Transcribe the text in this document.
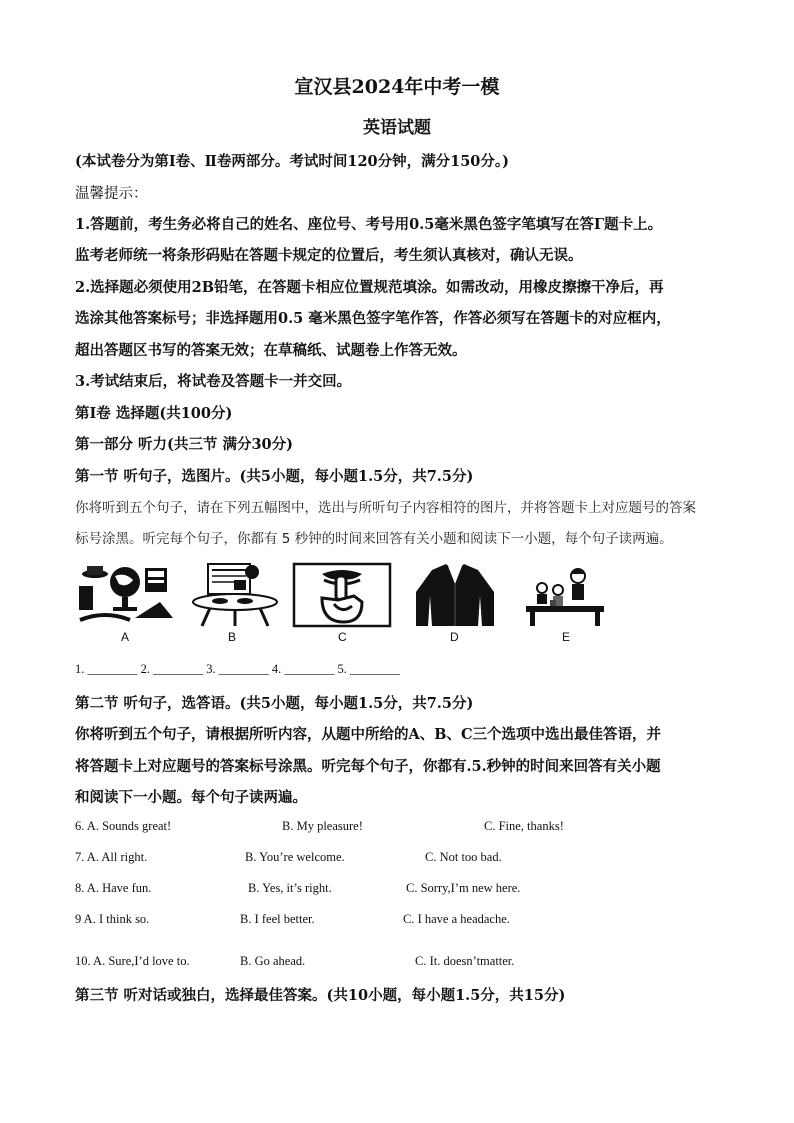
宣汉县2024年中考一模
英语试题
(本试卷分为第Ⅰ卷、Ⅱ卷两部分。考试时间120分钟，满分150分。)
温馨提示：
1.答题前，考生务必将自己的姓名、座位号、考号用0.5毫米黑色签字笔填写在答Γ题卡上。
监考老师统一将条形码贴在答题卡规定的位置后，考生须认真核对，确认无误。
2.选择题必须使用2B铅笔，在答题卡相应位置规范填涂。如需改动，用橡皮擦擦干净后，再
选涂其他答案标号；非选择题用0.5 毫米黑色签字笔作答，作答必须写在答题卡的对应框内，
超出答题区书写的答案无效；在草稿纸、试题卷上作答无效。
3.考试结束后，将试卷及答题卡一并交回。
第Ⅰ卷 选择题(共100分)
第一部分 听力(共三节 满分30分)
第一节 听句子，选图片。(共5小题，每小题1.5分，共7.5分)
你将听到五个句子，请在下列五幅图中，选出与所听句子内容相符的图片，并将答题卡上对应题号的答案
标号涂黑。听完每个句子，你都有 5 秒钟的时间来回答有关小题和阅读下一小题，每个句子读两遍。
A	B	C	D	E
1. ________ 2. ________ 3. ________ 4. ________ 5. ________
第二节 听句子，选答语。(共5小题，每小题1.5分，共7.5分)
你将听到五个句子，请根据所听内容，从题中所给的A、B、C三个选项中选出最佳答语，并
将答题卡上对应题号的答案标号涂黑。听完每个句子，你都有.5.秒钟的时间来回答有关小题
和阅读下一小题。每个句子读两遍。
6. A. Sounds great!	B. My pleasure!	C. Fine, thanks!
7. A. All right.	B. You’re welcome.	C. Not too bad.
8. A. Have fun.	B. Yes, it’s right.	C. Sorry,I’m new here.
9 A. I think so.	B. I feel better.	C. I have a headache.
10. A. Sure,I’d love to.	B. Go ahead.	C. It. doesn’tmatter.
第三节 听对话或独白，选择最佳答案。(共10小题，每小题1.5分，共15分)
